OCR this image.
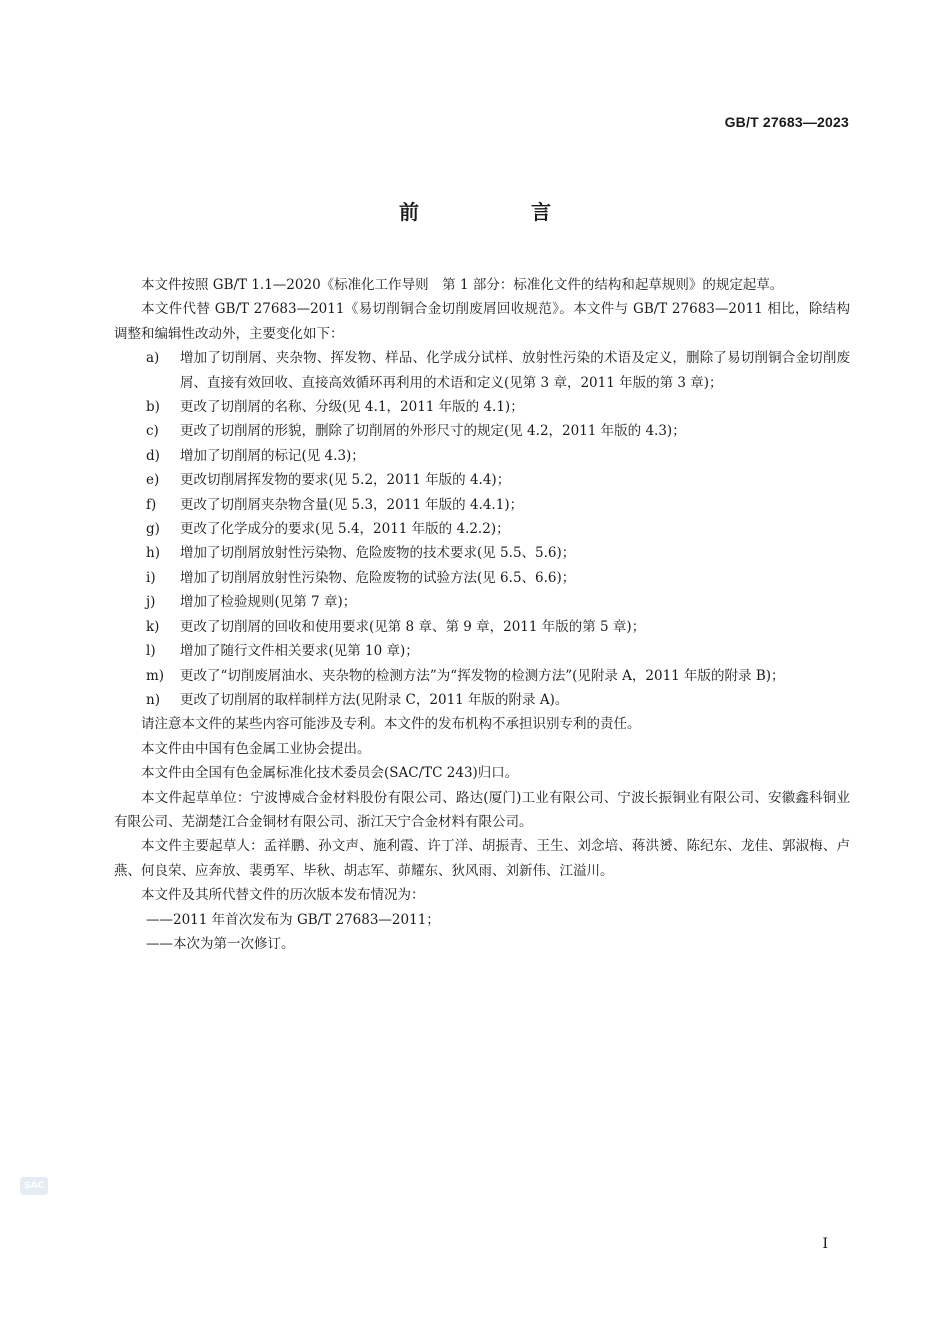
GB/T 27683—2023
前　言

本文件按照 GB/T 1.1—2020《标准化工作导则　第 1 部分：标准化文件的结构和起草规则》的规定起草。

本文件代替 GB/T 27683—2011《易切削铜合金切削废屑回收规范》。本文件与 GB/T 27683—2011 相比，除结构调整和编辑性改动外，主要变化如下：

a)	增加了切削屑、夹杂物、挥发物、样品、化学成分试样、放射性污染的术语及定义，删除了易切削铜合金切削废屑、直接有效回收、直接高效循环再利用的术语和定义(见第 3 章，2011 年版的第 3 章)；
b)	更改了切削屑的名称、分级(见 4.1，2011 年版的 4.1)；
c)	更改了切削屑的形貌，删除了切削屑的外形尺寸的规定(见 4.2，2011 年版的 4.3)；
d)	增加了切削屑的标记(见 4.3)；
e)	更改切削屑挥发物的要求(见 5.2，2011 年版的 4.4)；
f)	更改了切削屑夹杂物含量(见 5.3，2011 年版的 4.4.1)；
g)	更改了化学成分的要求(见 5.4，2011 年版的 4.2.2)；
h)	增加了切削屑放射性污染物、危险废物的技术要求(见 5.5、5.6)；
i)	增加了切削屑放射性污染物、危险废物的试验方法(见 6.5、6.6)；
j)	增加了检验规则(见第 7 章)；
k)	更改了切削屑的回收和使用要求(见第 8 章、第 9 章，2011 年版的第 5 章)；
l)	增加了随行文件相关要求(见第 10 章)；
m)	更改了“切削废屑油水、夹杂物的检测方法”为“挥发物的检测方法”(见附录 A，2011 年版的附录 B)；
n)	更改了切削屑的取样制样方法(见附录 C，2011 年版的附录 A)。

请注意本文件的某些内容可能涉及专利。本文件的发布机构不承担识别专利的责任。

本文件由中国有色金属工业协会提出。

本文件由全国有色金属标准化技术委员会(SAC/TC 243)归口。

本文件起草单位：宁波博威合金材料股份有限公司、路达(厦门)工业有限公司、宁波长振铜业有限公司、安徽鑫科铜业有限公司、芜湖楚江合金铜材有限公司、浙江天宁合金材料有限公司。

本文件主要起草人：孟祥鹏、孙文声、施利霞、许丁洋、胡振青、王生、刘念培、蒋洪赟、陈纪东、龙佳、郭淑梅、卢燕、何良荣、应奔放、裴勇军、毕秋、胡志军、茆耀东、狄风雨、刘新伟、江溢川。

本文件及其所代替文件的历次版本发布情况为：

——2011 年首次发布为 GB/T 27683—2011；

——本次为第一次修订。

SAC
I
